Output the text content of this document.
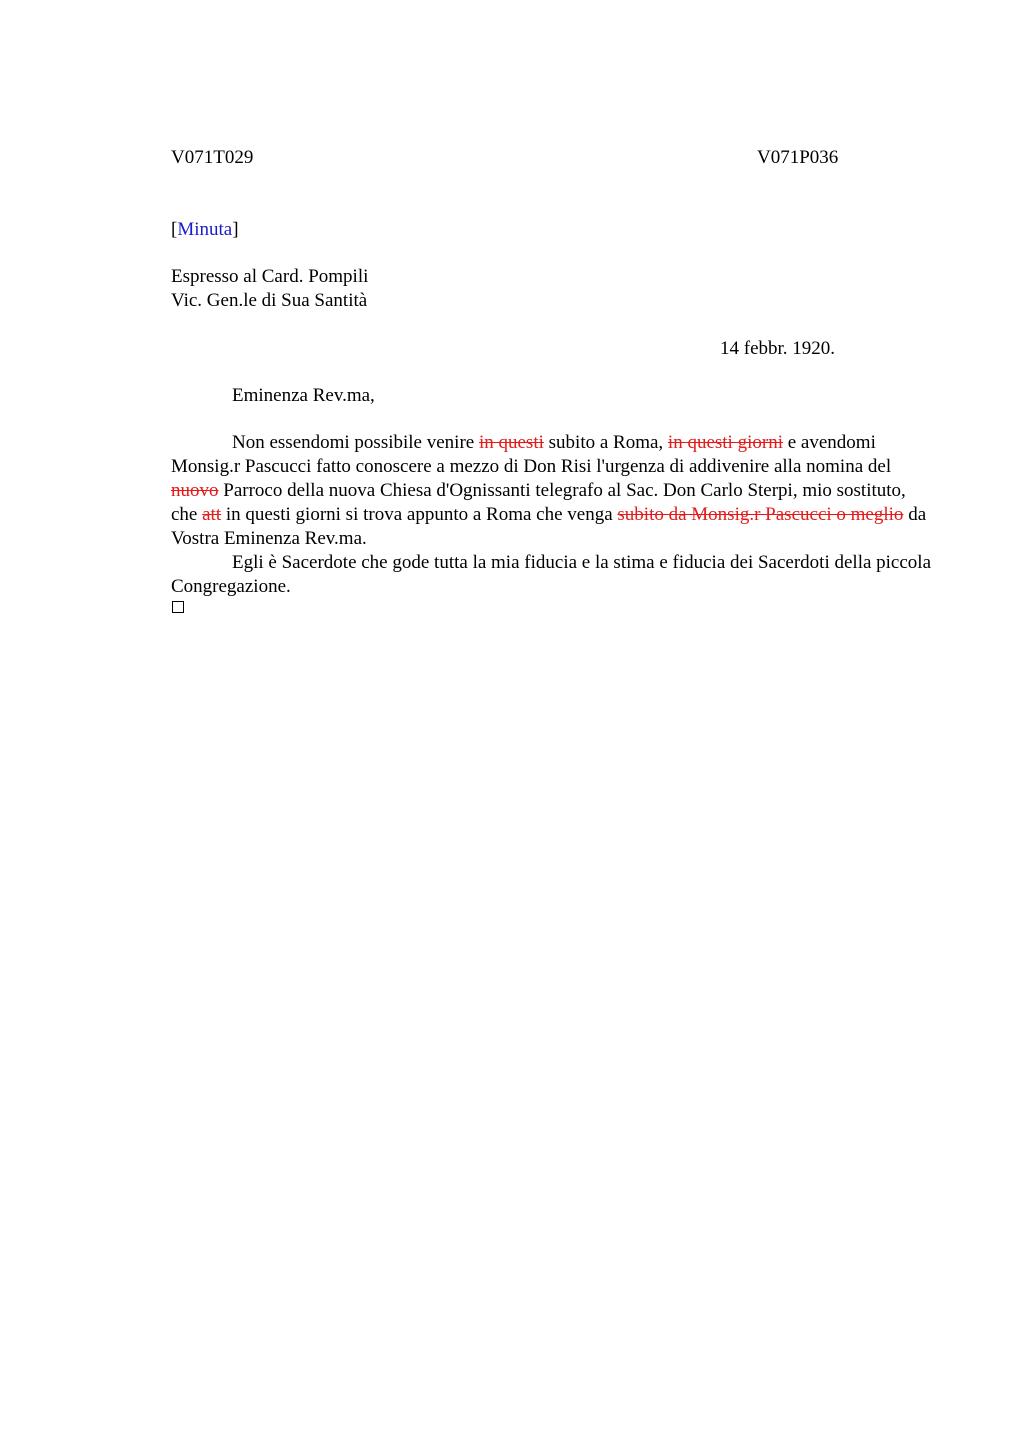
V071T029	V071P036
[Minuta]
Espresso al Card. Pompili
Vic. Gen.le di Sua Santità
14 febbr. 1920.
Eminenza Rev.ma,

Non essendomi possibile venire in questi subito a Roma, in questi giorni e avendomi Monsig.r Pascucci fatto conoscere a mezzo di Don Risi l'urgenza di addivenire alla nomina del nuovo Parroco della nuova Chiesa d'Ognissanti telegrafo al Sac. Don Carlo Sterpi, mio sostituto, che att in questi giorni si trova appunto a Roma che venga subito da Monsig.r Pascucci o meglio da Vostra Eminenza Rev.ma.

Egli è Sacerdote che gode tutta la mia fiducia e la stima e fiducia dei Sacerdoti della piccola Congregazione.
